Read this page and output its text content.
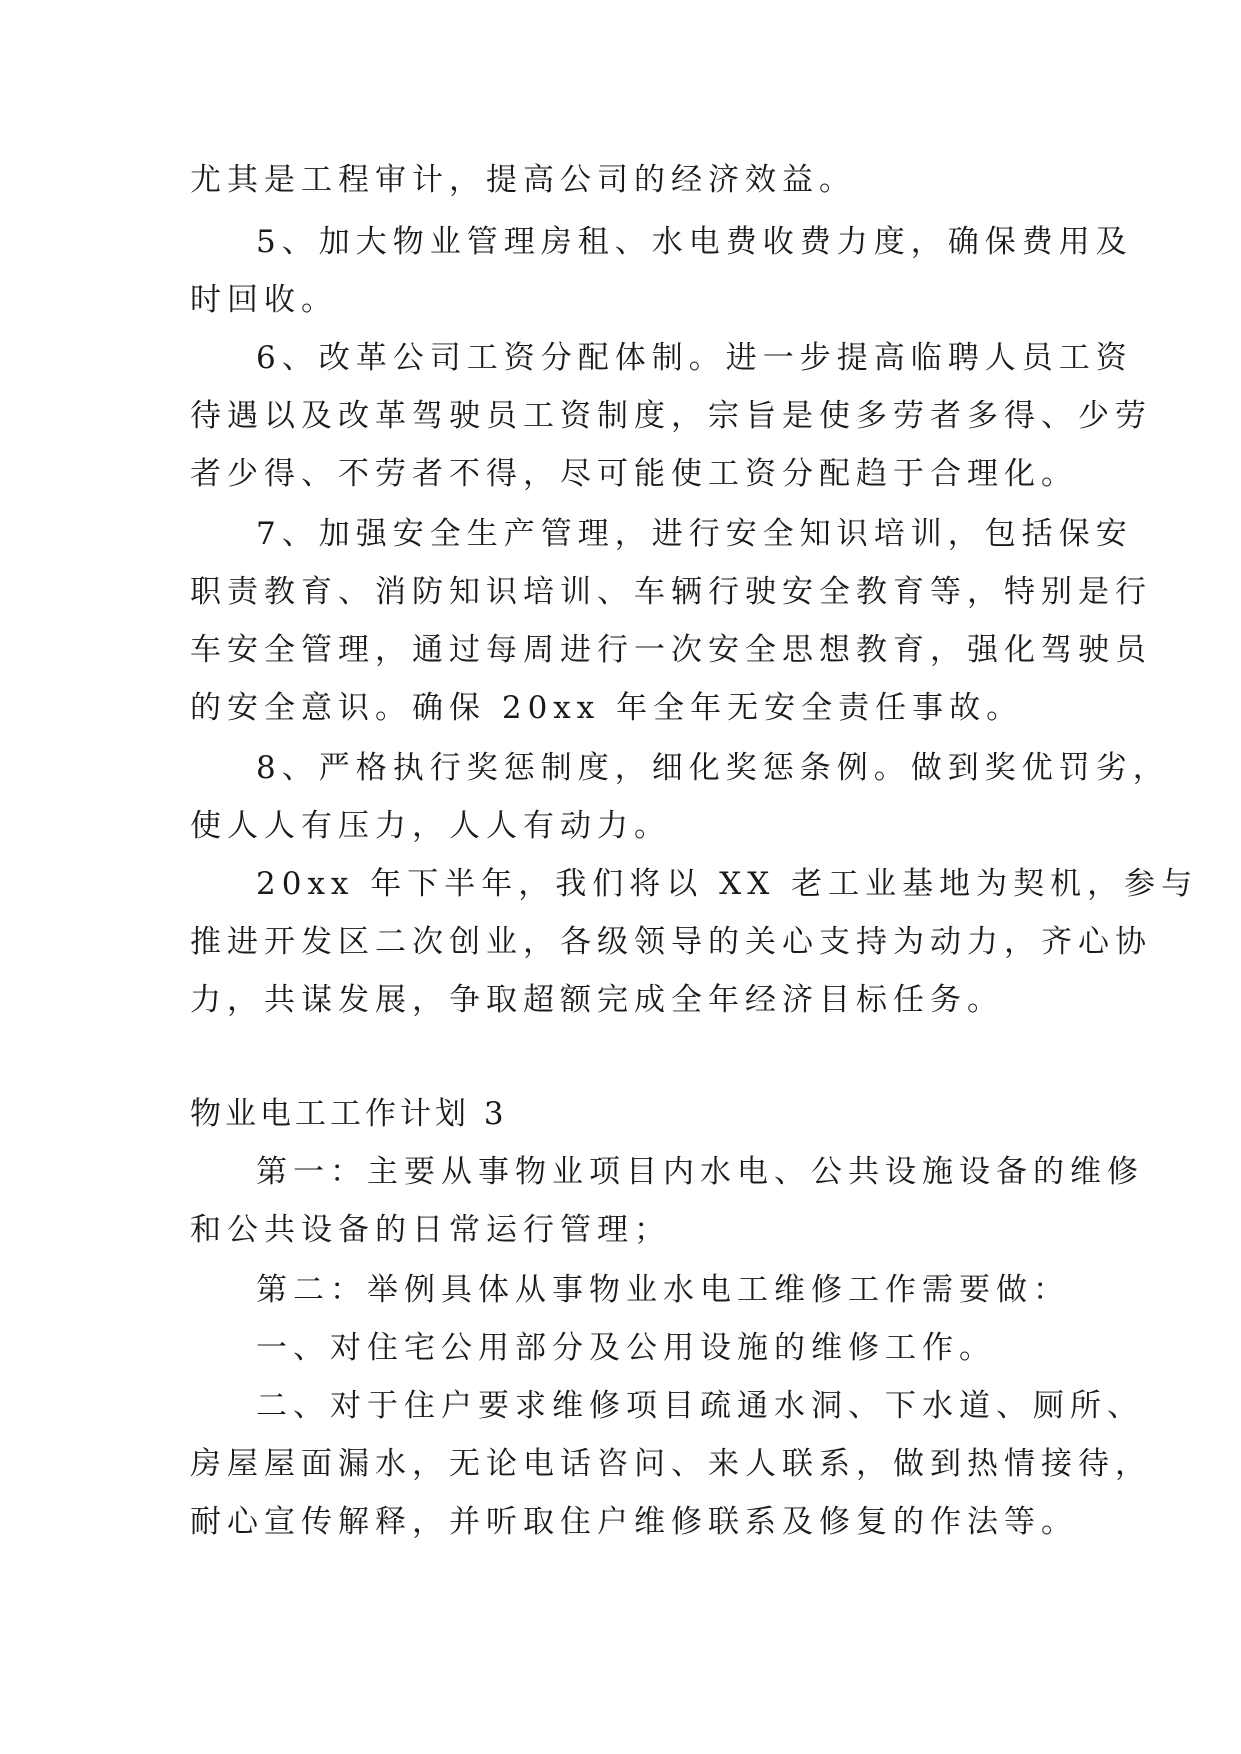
尤其是工程审计，提高公司的经济效益。
5、加大物业管理房租、水电费收费力度，确保费用及
时回收。
6、改革公司工资分配体制。进一步提高临聘人员工资
待遇以及改革驾驶员工资制度，宗旨是使多劳者多得、少劳
者少得、不劳者不得，尽可能使工资分配趋于合理化。
7、加强安全生产管理，进行安全知识培训，包括保安
职责教育、消防知识培训、车辆行驶安全教育等，特别是行
车安全管理，通过每周进行一次安全思想教育，强化驾驶员
的安全意识。确保 20xx 年全年无安全责任事故。
8、严格执行奖惩制度，细化奖惩条例。做到奖优罚劣，
使人人有压力，人人有动力。
20xx 年下半年，我们将以 XX 老工业基地为契机，参与
推进开发区二次创业，各级领导的关心支持为动力，齐心协
力，共谋发展，争取超额完成全年经济目标任务。
物业电工工作计划 3
第一：主要从事物业项目内水电、公共设施设备的维修
和公共设备的日常运行管理；
第二：举例具体从事物业水电工维修工作需要做：
一、对住宅公用部分及公用设施的维修工作。
二、对于住户要求维修项目疏通水洞、下水道、厕所、
房屋屋面漏水，无论电话咨问、来人联系，做到热情接待，
耐心宣传解释，并听取住户维修联系及修复的作法等。
